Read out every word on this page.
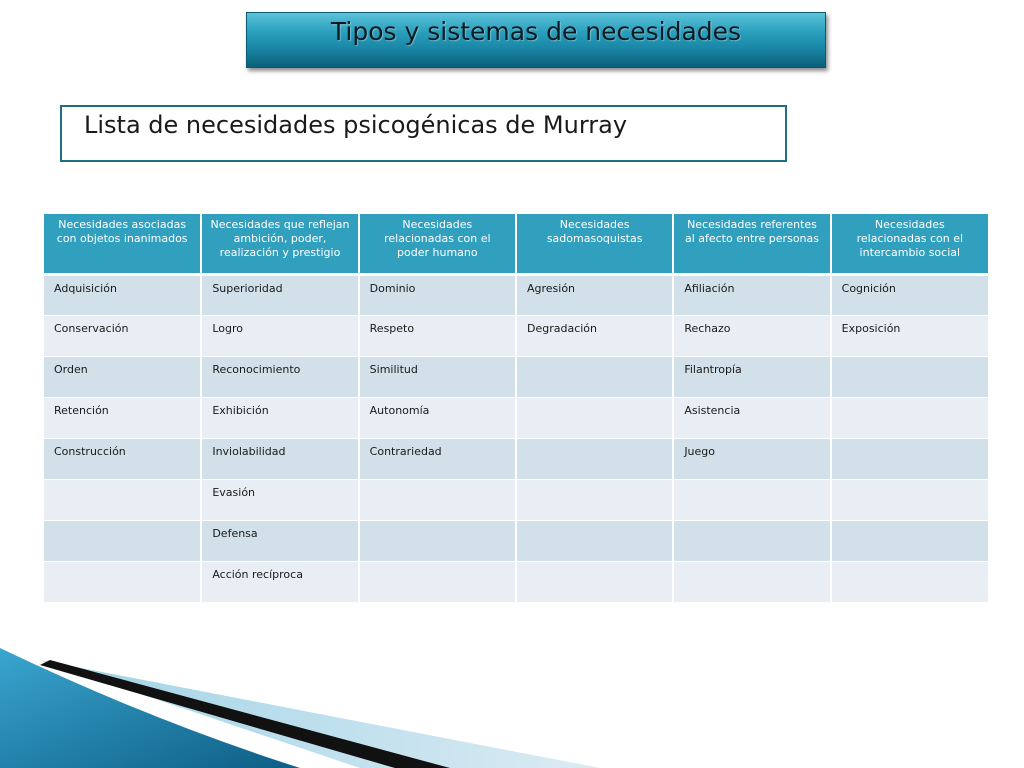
Tipos y sistemas de necesidades
Lista de necesidades psicogénicas de Murray
Necesidades asociadas con objetos inanimados	Necesidades que reflejan ambición, poder, realización y prestigio	Necesidades relacionadas con el poder humano	Necesidades sadomasoquistas	Necesidades referentes al afecto entre personas	Necesidades relacionadas con el intercambio social
Adquisición	Superioridad	Dominio	Agresión	Afiliación	Cognición
Conservación	Logro	Respeto	Degradación	Rechazo	Exposición
Orden	Reconocimiento	Similitud		Filantropía	
Retención	Exhibición	Autonomía		Asistencia	
Construcción	Inviolabilidad	Contrariedad		Juego	
	Evasión				
	Defensa				
	Acción recíproca				
